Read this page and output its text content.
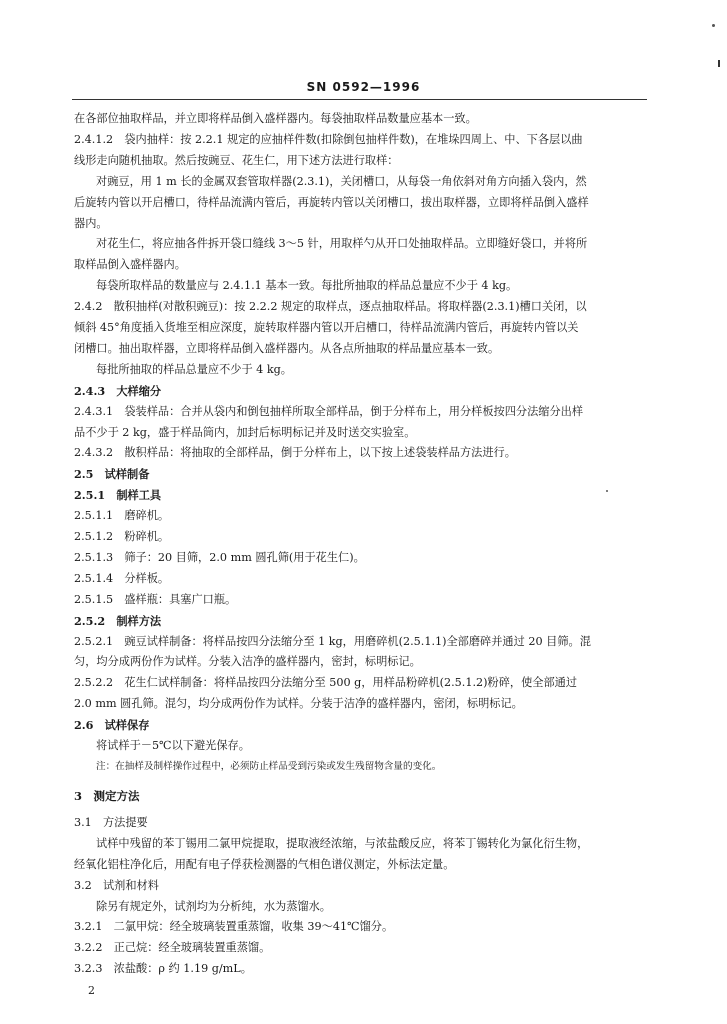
SN 0592—1996
在各部位抽取样品，并立即将样品倒入盛样器内。每袋抽取样品数量应基本一致。
2.4.1.2　袋内抽样：按 2.2.1 规定的应抽样件数(扣除倒包抽样件数)，在堆垛四周上、中、下各层以曲
线形走向随机抽取。然后按豌豆、花生仁，用下述方法进行取样：
对豌豆，用 1 m 长的金属双套管取样器(2.3.1)，关闭槽口，从每袋一角依斜对角方向插入袋内，然
后旋转内管以开启槽口，待样品流满内管后，再旋转内管以关闭槽口，拔出取样器，立即将样品倒入盛样
器内。
对花生仁，将应抽各件拆开袋口缝线 3～5 针，用取样勺从开口处抽取样品。立即缝好袋口，并将所
取样品倒入盛样器内。
每袋所取样品的数量应与 2.4.1.1 基本一致。每批所抽取的样品总量应不少于 4 kg。
2.4.2　散积抽样(对散积豌豆)：按 2.2.2 规定的取样点，逐点抽取样品。将取样器(2.3.1)槽口关闭，以
倾斜 45°角度插入货堆至相应深度，旋转取样器内管以开启槽口，待样品流满内管后，再旋转内管以关
闭槽口。抽出取样器，立即将样品倒入盛样器内。从各点所抽取的样品量应基本一致。
每批所抽取的样品总量应不少于 4 kg。
2.4.3　大样缩分
2.4.3.1　袋装样品：合并从袋内和倒包抽样所取全部样品，倒于分样布上，用分样板按四分法缩分出样
品不少于 2 kg，盛于样品筒内，加封后标明标记并及时送交实验室。
2.4.3.2　散积样品：将抽取的全部样品，倒于分样布上，以下按上述袋装样品方法进行。
2.5　试样制备
2.5.1　制样工具
2.5.1.1　磨碎机。
2.5.1.2　粉碎机。
2.5.1.3　筛子：20 目筛，2.0 mm 圆孔筛(用于花生仁)。
2.5.1.4　分样板。
2.5.1.5　盛样瓶：具塞广口瓶。
2.5.2　制样方法
2.5.2.1　豌豆试样制备：将样品按四分法缩分至 1 kg，用磨碎机(2.5.1.1)全部磨碎并通过 20 目筛。混
匀，均分成两份作为试样。分装入洁净的盛样器内，密封，标明标记。
2.5.2.2　花生仁试样制备：将样品按四分法缩分至 500 g，用样品粉碎机(2.5.1.2)粉碎，使全部通过
2.0 mm 圆孔筛。混匀，均分成两份作为试样。分装于洁净的盛样器内，密闭，标明标记。
2.6　试样保存
将试样于－5℃以下避光保存。
注：在抽样及制样操作过程中，必须防止样品受到污染或发生残留物含量的变化。
3　测定方法
3.1　方法提要
试样中残留的苯丁锡用二氯甲烷提取，提取液经浓缩，与浓盐酸反应，将苯丁锡转化为氯化衍生物，
经氧化铝柱净化后，用配有电子俘获检测器的气相色谱仪测定，外标法定量。
3.2　试剂和材料
除另有规定外，试剂均为分析纯，水为蒸馏水。
3.2.1　二氯甲烷：经全玻璃装置重蒸馏，收集 39～41℃馏分。
3.2.2　正己烷：经全玻璃装置重蒸馏。
3.2.3　浓盐酸：ρ 约 1.19 g/mL。
2
